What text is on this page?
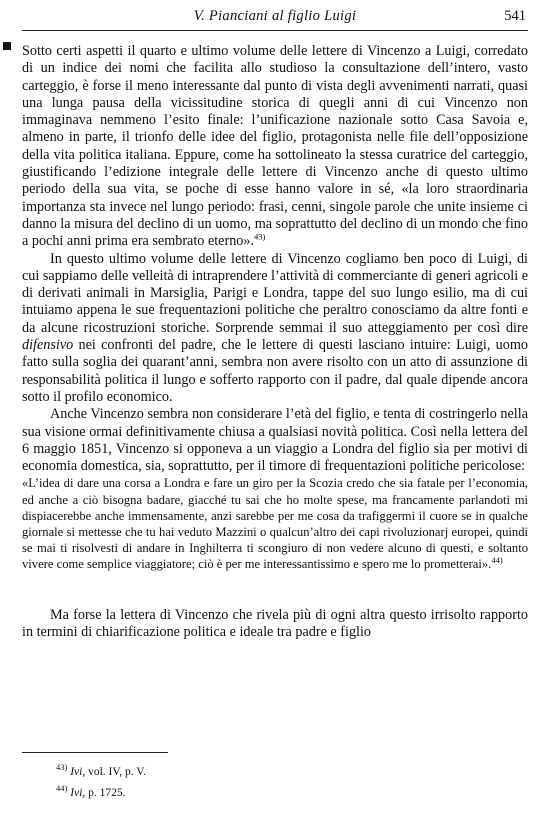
V. Pianciani al figlio Luigi	541

Sotto certi aspetti il quarto e ultimo volume delle lettere di Vincenzo a Luigi, corredato di un indice dei nomi che facilita allo studioso la consultazione dell’intero, vasto carteggio, è forse il meno interessante dal punto di vista degli avvenimenti narrati, quasi una lunga pausa della vicissitudine storica di quegli anni di cui Vincenzo non immaginava nemmeno l’esito finale: l’unificazione nazionale sotto Casa Savoia e, almeno in parte, il trionfo delle idee del figlio, protagonista nelle file dell’opposizione della vita politica italiana. Eppure, come ha sottolineato la stessa curatrice del carteggio, giustificando l’edizione integrale delle lettere di Vincenzo anche di questo ultimo periodo della sua vita, se poche di esse hanno valore in sé, «la loro straordinaria importanza sta invece nel lungo periodo: frasi, cenni, singole parole che unite insieme ci danno la misura del declino di un uomo, ma soprattutto del declino di un mondo che fino a pochi anni prima era sembrato eterno».$^{43)}$

In questo ultimo volume delle lettere di Vincenzo cogliamo ben poco di Luigi, di cui sappiamo delle velleità di intraprendere l’attività di commerciante di generi agricoli e di derivati animali in Marsiglia, Parigi e Londra, tappe del suo lungo esilio, ma di cui intuiamo appena le sue frequentazioni politiche che peraltro conosciamo da altre fonti e da alcune ricostruzioni storiche. Sorprende semmai il suo atteggiamento per così dire difensivo nei confronti del padre, che le lettere di questi lasciano intuire: Luigi, uomo fatto sulla soglia dei quarant’anni, sembra non avere risolto con un atto di assunzione di responsabilità politica il lungo e sofferto rapporto con il padre, dal quale dipende ancora sotto il profilo economico.

Anche Vincenzo sembra non considerare l’età del figlio, e tenta di costringerlo nella sua visione ormai definitivamente chiusa a qualsiasi novità politica. Così nella lettera del 6 maggio 1851, Vincenzo si opponeva a un viaggio a Londra del figlio sia per motivi di economia domestica, sia, soprattutto, per il timore di frequentazioni politiche pericolose:

«L’idea di dare una corsa a Londra e fare un giro per la Scozia credo che sia fatale per l’economia, ed anche a ciò bisogna badare, giacché tu sai che ho molte spese, ma francamente parlandoti mi dispiacerebbe anche immensamente, anzi sarebbe per me cosa da trafiggermi il cuore se in qualche giornale si mettesse che tu hai veduto Mazzini o qualcun’altro dei capi rivoluzionarj europei, quindi se mai ti risolvesti di andare in Inghilterra ti scongiuro di non vedere alcuno di questi, e soltanto vivere come semplice viaggiatore; ciò è per me interessantissimo e spero me lo prometterai».$^{44)}$

Ma forse la lettera di Vincenzo che rivela più di ogni altra questo irrisolto rapporto in termini di chiarificazione politica e ideale tra padre e figlio

$^{43)}$ Ivi, vol. IV, p. V.
$^{44)}$ Ivi, p. 1725.
